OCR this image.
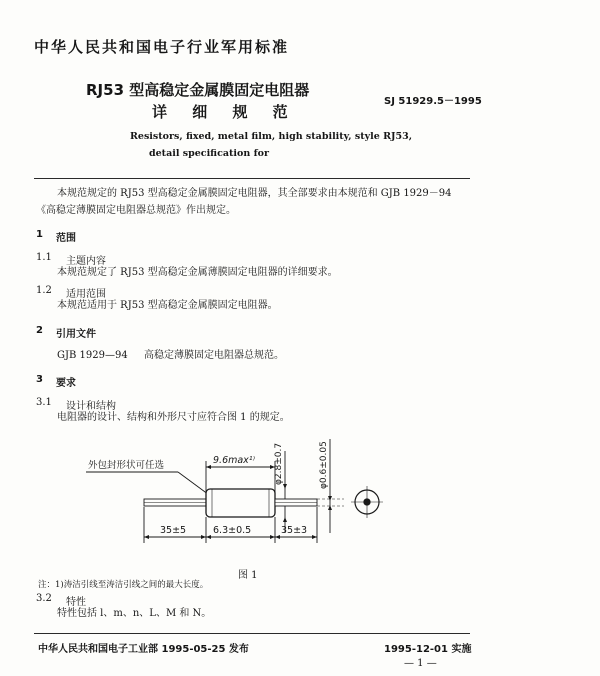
中华人民共和国电子行业军用标准
RJ53 型高稳定金属膜固定电阻器
详 细 规 范
SJ 51929.5－1995
Resistors, fixed, metal film, high stability, style RJ53,
detail specification for
本规范规定的 RJ53 型高稳定金属膜固定电阻器，其全部要求由本规范和 GJB 1929－94
《高稳定薄膜固定电阻器总规范》作出规定。
1 范围
1.1 主题内容
本规范规定了 RJ53 型高稳定金属薄膜固定电阻器的详细要求。
1.2 适用范围
本规范适用于 RJ53 型高稳定金属膜固定电阻器。
2 引用文件
GJB 1929—94 高稳定薄膜固定电阻器总规范。
3 要求
3.1 设计和结构
电阻器的设计、结构和外形尺寸应符合图 1 的规定。
外包封形状可任选	9.6max¹⁾ φ2.8±0.7	φ0.6±0.05
35±5	6.3±0.5	35±3
图 1
注：1)涛洁引线至涛洁引线之间的最大长度。
3.2 特性
特性包括 l、m、n、L、M 和 N。
中华人民共和国电子工业部 1995-05-25 发布	1995-12-01 实施
— 1 —
